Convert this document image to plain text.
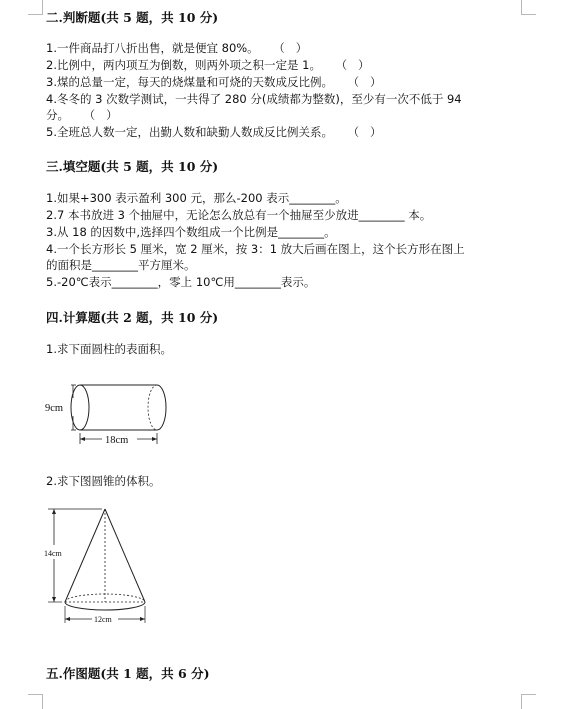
二.判断题(共 5 题，共 10 分)
1.一件商品打八折出售，就是便宜 80%。    （   ）
2.比例中，两内项互为倒数，则两外项之积一定是 1。    （   ）
3.煤的总量一定，每天的烧煤量和可烧的天数成反比例。    （   ）
4.冬冬的 3 次数学测试，一共得了 280 分(成绩都为整数)，至少有一次不低于 94
分。    （   ）
5.全班总人数一定，出勤人数和缺勤人数成反比例关系。    （   ）
三.填空题(共 5 题，共 10 分)
1.如果+300 表示盈利 300 元，那么-200 表示________。
2.7 本书放进 3 个抽屉中，无论怎么放总有一个抽屉至少放进________ 本。
3.从 18 的因数中,选择四个数组成一个比例是________。
4.一个长方形长 5 厘米，宽 2 厘米，按 3：1 放大后画在图上，这个长方形在图上
的面积是________平方厘米。
5.-20℃表示________，零上 10℃用________表示。
四.计算题(共 2 题，共 10 分)
1.求下面圆柱的表面积。
9cm
18cm
2.求下图圆锥的体积。
14cm
12cm
五.作图题(共 1 题，共 6 分)
